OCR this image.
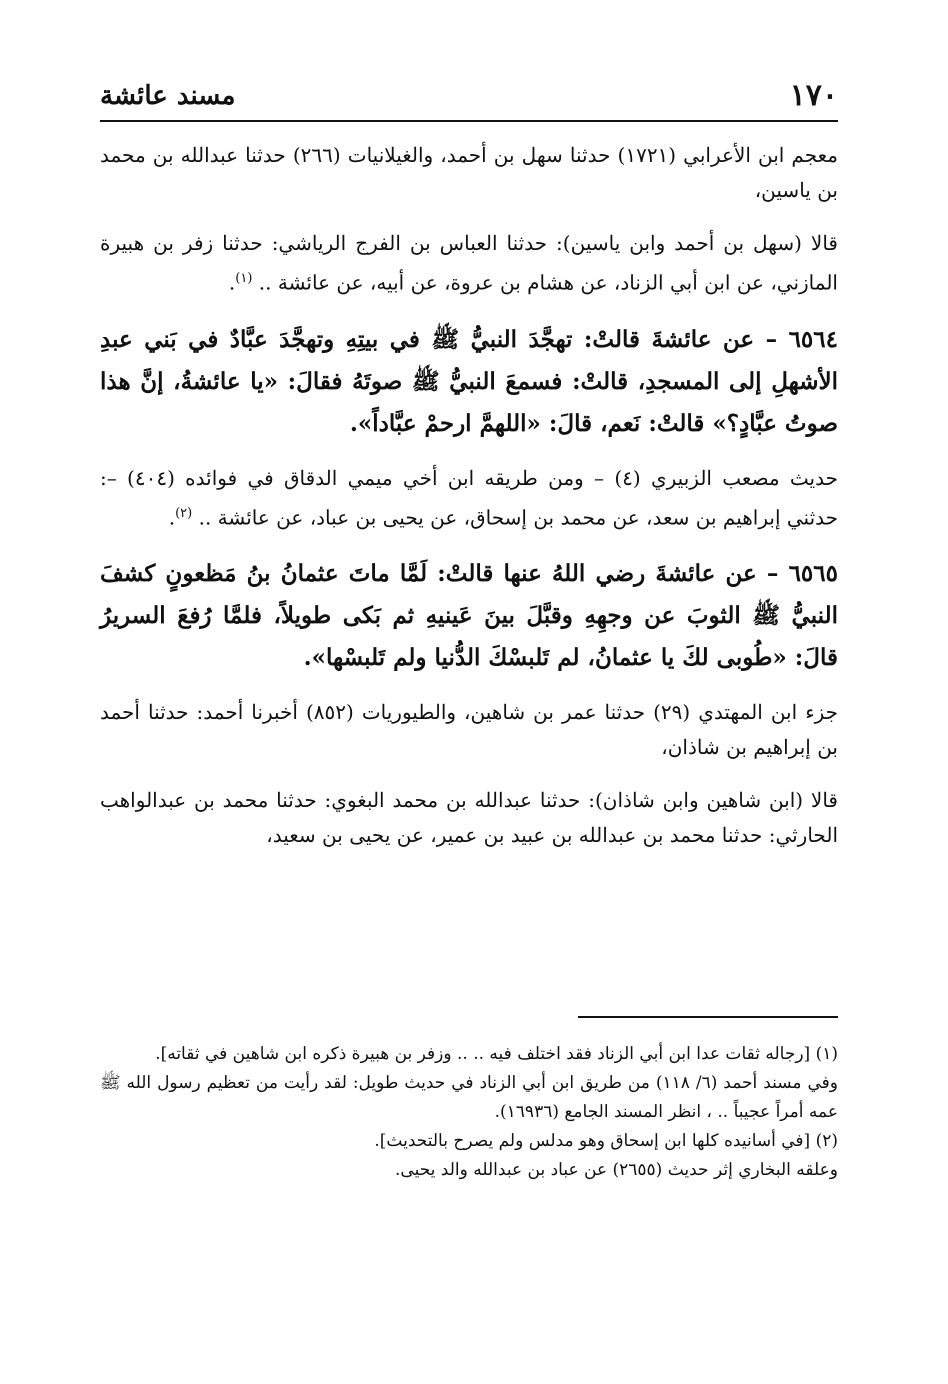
١٧٠
مسند عائشة

معجم ابن الأعرابي (١٧٢١) حدثنا سهل بن أحمد، والغيلانيات (٢٦٦) حدثنا عبدالله بن محمد بن ياسين،

قالا (سهل بن أحمد وابن ياسين): حدثنا العباس بن الفرج الرياشي: حدثنا زفر بن هبيرة المازني، عن ابن أبي الزناد، عن هشام بن عروة، عن أبيه، عن عائشة .. $^{(١)}$.

٦٥٦٤ – عن عائشةَ قالتْ: تهجَّدَ النبيُّ ﷺ في بيتِهِ وتهجَّدَ عبَّادٌ في بَني عبدِ الأشهلِ إلى المسجدِ، قالتْ: فسمعَ النبيُّ ﷺ صوتَهُ فقالَ: «يا عائشةُ، إنَّ هذا صوتُ عبَّادٍ؟» قالتْ: نَعم، قالَ: «اللهمَّ ارحمْ عبَّاداً».

حديث مصعب الزبيري (٤) – ومن طريقه ابن أخي ميمي الدقاق في فوائده (٤٠٤) –: حدثني إبراهيم بن سعد، عن محمد بن إسحاق، عن يحيى بن عباد، عن عائشة .. $^{(٢)}$.

٦٥٦٥ – عن عائشةَ رضي اللهُ عنها قالتْ: لَمَّا ماتَ عثمانُ بنُ مَظعونٍ كشفَ النبيُّ ﷺ الثوبَ عن وجهِهِ وقبَّلَ بينَ عَينيهِ ثم بَكى طويلاً، فلمَّا رُفعَ السريرُ قالَ: «طُوبى لكَ يا عثمانُ، لم تَلبسْكَ الدُّنيا ولم تَلبسْها».

جزء ابن المهتدي (٢٩) حدثنا عمر بن شاهين، والطيوريات (٨٥٢) أخبرنا أحمد: حدثنا أحمد بن إبراهيم بن شاذان،

قالا (ابن شاهين وابن شاذان): حدثنا عبدالله بن محمد البغوي: حدثنا محمد بن عبدالواهب الحارثي: حدثنا محمد بن عبدالله بن عبيد بن عمير، عن يحيى بن سعيد،

(١) [رجاله ثقات عدا ابن أبي الزناد فقد اختلف فيه .. .. وزفر بن هبيرة ذكره ابن شاهين في ثقاته].

وفي مسند أحمد (٦/ ١١٨) من طريق ابن أبي الزناد في حديث طويل: لقد رأيت من تعظيم رسول الله ﷺ عمه أمراً عجيباً .. ، انظر المسند الجامع (١٦٩٣٦).

(٢) [في أسانيده كلها ابن إسحاق وهو مدلس ولم يصرح بالتحديث].

وعلقه البخاري إثر حديث (٢٦٥٥) عن عباد بن عبدالله والد يحيى.
